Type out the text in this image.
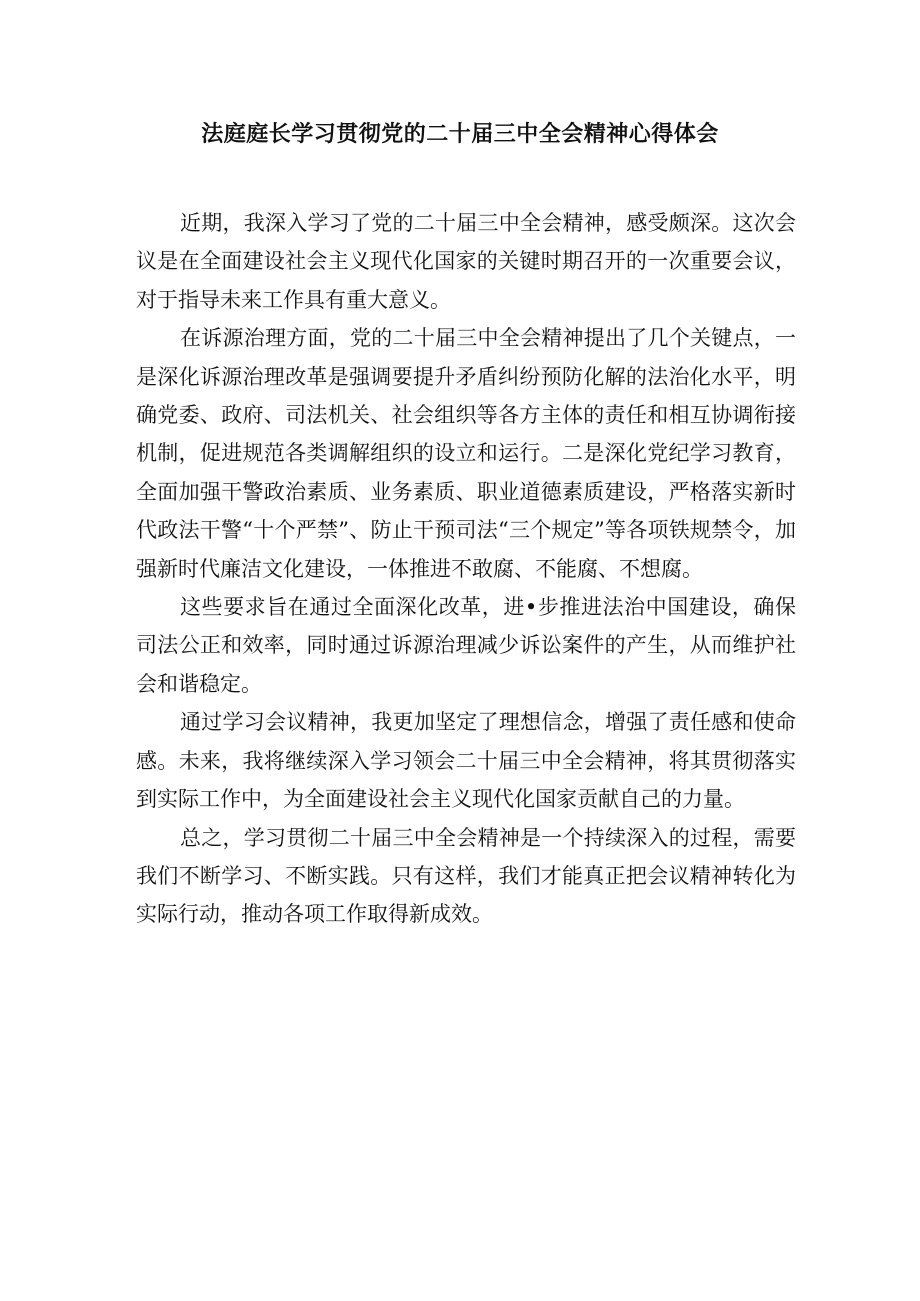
法庭庭长学习贯彻党的二十届三中全会精神心得体会

近期，我深入学习了党的二十届三中全会精神，感受颇深。这次会议是在全面建设社会主义现代化国家的关键时期召开的一次重要会议，对于指导未来工作具有重大意义。

在诉源治理方面，党的二十届三中全会精神提出了几个关键点，一是深化诉源治理改革是强调要提升矛盾纠纷预防化解的法治化水平，明确党委、政府、司法机关、社会组织等各方主体的责任和相互协调衔接机制，促进规范各类调解组织的设立和运行。二是深化党纪学习教育，全面加强干警政治素质、业务素质、职业道德素质建设，严格落实新时代政法干警“十个严禁”、防止干预司法“三个规定”等各项铁规禁令，加强新时代廉洁文化建设，一体推进不敢腐、不能腐、不想腐。

这些要求旨在通过全面深化改革，进•步推进法治中国建设，确保司法公正和效率，同时通过诉源治理减少诉讼案件的产生，从而维护社会和谐稳定。

通过学习会议精神，我更加坚定了理想信念，增强了责任感和使命感。未来，我将继续深入学习领会二十届三中全会精神，将其贯彻落实到实际工作中，为全面建设社会主义现代化国家贡献自己的力量。

总之，学习贯彻二十届三中全会精神是一个持续深入的过程，需要我们不断学习、不断实践。只有这样，我们才能真正把会议精神转化为实际行动，推动各项工作取得新成效。
